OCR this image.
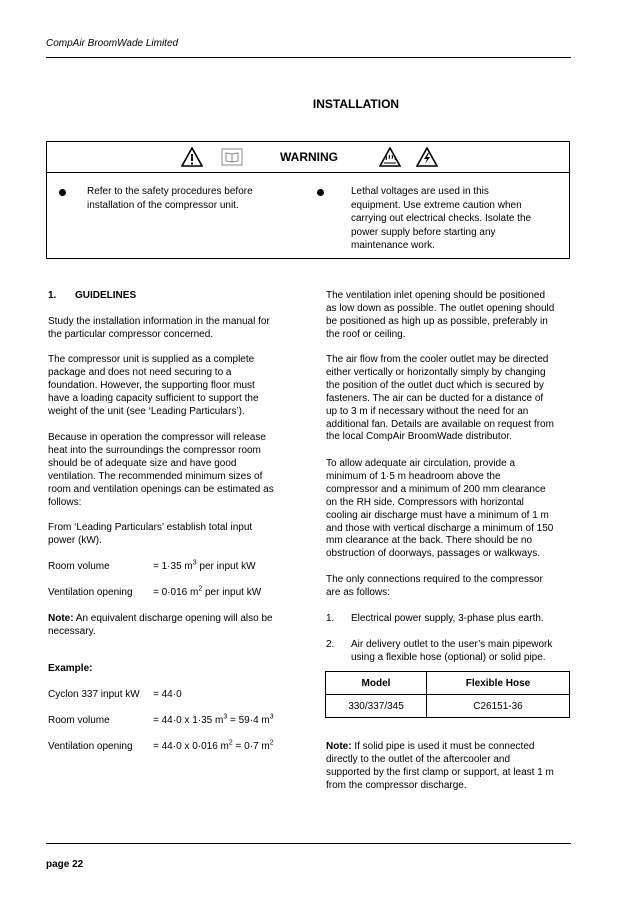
CompAir BroomWade Limited
INSTALLATION
WARNING
Refer to the safety procedures before
installation of the compressor unit.
Lethal voltages are used in this
equipment. Use extreme caution when
carrying out electrical checks. Isolate the
power supply before starting any
maintenance work.
1. GUIDELINES
Study the installation information in the manual for
the particular compressor concerned.
The compressor unit is supplied as a complete
package and does not need securing to a
foundation. However, the supporting floor must
have a loading capacity sufficient to support the
weight of the unit (see ‘Leading Particulars’).
Because in operation the compressor will release
heat into the surroundings the compressor room
should be of adequate size and have good
ventilation. The recommended minimum sizes of
room and ventilation openings can be estimated as
follows:
From ‘Leading Particulars’ establish total input
power (kW).
Room volume	= 1·35 $m^3$ per input kW
Ventilation opening = 0·016 $m^2$ per input kW
Note: An equivalent discharge opening will also be
necessary.
Example:
Cyclon 337 input kW = 44·0
Room volume	= 44·0 x 1·35 $m^3 = 59\cdot 4$ $m^3$
Ventilation opening = 44·0 x 0·016 $m^2 = 0\cdot 7$ $m^2$
The ventilation inlet opening should be positioned
as low down as possible. The outlet opening should
be positioned as high up as possible, preferably in
the roof or ceiling.
The air flow from the cooler outlet may be directed
either vertically or horizontally simply by changing
the position of the outlet duct which is secured by
fasteners. The air can be ducted for a distance of
up to 3 m if necessary without the need for an
additional fan. Details are available on request from
the local CompAir BroomWade distributor.
To allow adequate air circulation, provide a
minimum of 1·5 m headroom above the
compressor and a minimum of 200 mm clearance
on the RH side. Compressors with horizontal
cooling air discharge must have a minimum of 1 m
and those with vertical discharge a minimum of 150
mm clearance at the back. There should be no
obstruction of doorways, passages or walkways.
The only connections required to the compressor
are as follows:
1. Electrical power supply, 3-phase plus earth.
2. Air delivery outlet to the user’s main pipework
using a flexible hose (optional) or solid pipe.
Model	Flexible Hose
330/337/345	C26151-36
Note: If solid pipe is used it must be connected
directly to the outlet of the aftercooler and
supported by the first clamp or support, at least 1 m
from the compressor discharge.
page 22
